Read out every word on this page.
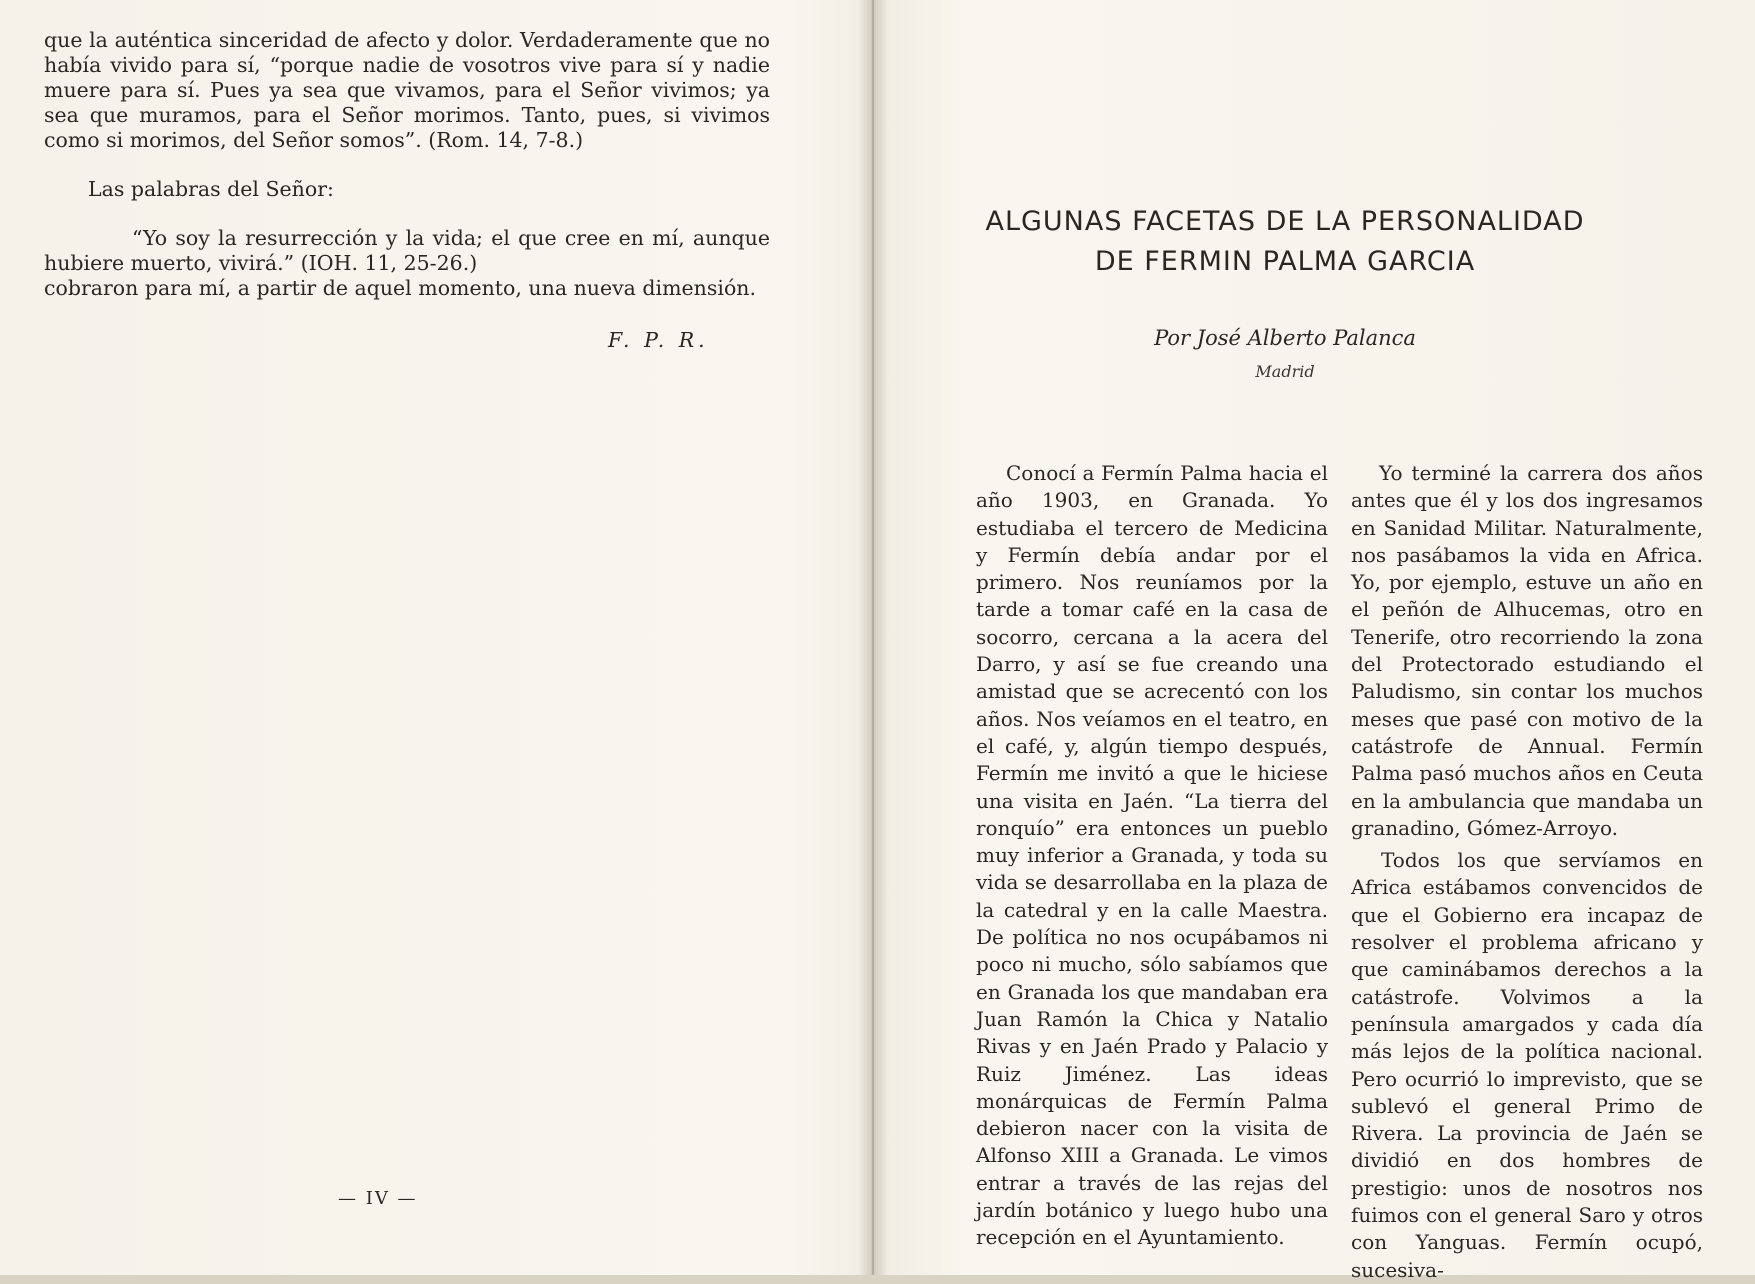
que la auténtica sinceridad de afecto y dolor. Verdaderamente que no había vivido para sí, “porque nadie de vosotros vive para sí y nadie muere para sí. Pues ya sea que vivamos, para el Señor vivimos; ya sea que muramos, para el Señor morimos. Tanto, pues, si vivimos como si morimos, del Señor somos”. (Rom. 14, 7-8.)

Las palabras del Señor:

“Yo soy la resurrección y la vida; el que cree en mí, aunque hubiere muerto, vivirá.” (IOH. 11, 25-26.)

cobraron para mí, a partir de aquel momento, una nueva dimensión.

F. P. R.
— IV —
ALGUNAS FACETAS DE LA PERSONALIDAD
DE FERMIN PALMA GARCIA
Por José Alberto Palanca
Madrid

Conocí a Fermín Palma hacia el año 1903, en Granada. Yo estudiaba el tercero de Medicina y Fermín debía andar por el primero. Nos reuníamos por la tarde a tomar café en la casa de socorro, cercana a la acera del Darro, y así se fue creando una amistad que se acrecentó con los años. Nos veíamos en el teatro, en el café, y, algún tiempo después, Fermín me invitó a que le hiciese una visita en Jaén. “La tierra del ronquío” era entonces un pueblo muy inferior a Granada, y toda su vida se desarrollaba en la plaza de la catedral y en la calle Maestra. De política no nos ocupábamos ni poco ni mucho, sólo sabíamos que en Granada los que mandaban era Juan Ramón la Chica y Natalio Rivas y en Jaén Prado y Palacio y Ruiz Jiménez. Las ideas monárquicas de Fermín Palma debieron nacer con la visita de Alfonso XIII a Granada. Le vimos entrar a través de las rejas del jardín botánico y luego hubo una recepción en el Ayuntamiento.

Yo terminé la carrera dos años antes que él y los dos ingresamos en Sanidad Militar. Naturalmente, nos pasábamos la vida en Africa. Yo, por ejemplo, estuve un año en el peñón de Alhucemas, otro en Tenerife, otro recorriendo la zona del Protectorado estudiando el Paludismo, sin contar los muchos meses que pasé con motivo de la catástrofe de Annual. Fermín Palma pasó muchos años en Ceuta en la ambulancia que mandaba un granadino, Gómez-Arroyo.

Todos los que servíamos en Africa estábamos convencidos de que el Gobierno era incapaz de resolver el problema africano y que caminábamos derechos a la catástrofe. Volvimos a la península amargados y cada día más lejos de la política nacional. Pero ocurrió lo imprevisto, que se sublevó el general Primo de Rivera. La provincia de Jaén se dividió en dos hombres de prestigio: unos de nosotros nos fuimos con el general Saro y otros con Yanguas. Fermín ocupó, sucesiva-
